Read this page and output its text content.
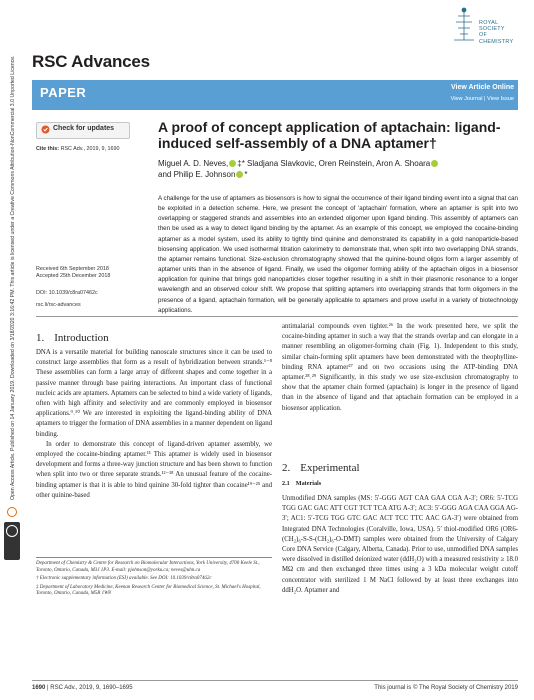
Open Access Article. Published on 14 January 2019. Downloaded on 3/18/2020 3:16:42 PM. This article is licensed under a Creative Commons Attribution-NonCommercial 3.0 Unported Licence. RSC Advances
ROYAL SOCIETY
OF CHEMISTRY
PAPER	View Article Online
View Journal | View Issue
Check for updates
Cite this: RSC Adv., 2019, 9, 1690
A proof of concept application of aptachain: ligand-induced self-assembly of a DNA aptamer†
Miguel A. D. Neves, ‡* Sladjana Slavkovic, Oren Reinstein, Aron A. Shoara
and Philip E. Johnson *
A challenge for the use of aptamers as biosensors is how to signal the occurrence of their ligand binding event into a signal that can be exploited in a detection scheme. Here, we present the concept of 'aptachain' formation, where an aptamer is split into two overlapping or staggered strands and assembles into an extended oligomer upon ligand binding. This assembly of aptamers can then be used as a way to detect ligand binding by the aptamer. As an example of this concept, we employed the cocaine-binding aptamer as a model system, used its ability to tightly bind quinine and demonstrated its capability in a gold nanoparticle-based biosensing application. We used isothermal titration calorimetry to demonstrate that, when split into two overlapping DNA strands, the aptamer remains functional. Size-exclusion chromatography showed that the quinine-bound oligos form a larger assembly of aptamer units than in the absence of ligand. Finally, we used the oligomer forming ability of the aptachain oligos in a biosensor application for quinine that brings gold nanoparticles closer together resulting in a shift in their plasmonic resonance to a longer wavelength and an observed colour shift. We propose that splitting aptamers into overlapping strands that form oligomers in the presence of a ligand, aptachain formation, will be generally applicable to aptamers and prove useful in a variety of biotechnology applications.
Received 6th September 2018
Accepted 25th December 2018
DOI: 10.1039/c8ra07462c
rsc.li/rsc-advances
1. Introduction

DNA is a versatile material for building nanoscale structures since it can be used to construct large assemblies that form as a result of hybridization between strands.¹⁻⁸ These assemblies can form a large array of different shapes and come together in a passive manner through base pairing interactions. An important class of functional nucleic acids are aptamers. Aptamers can be selected to bind a wide variety of ligands, often with high affinity and selectivity and are commonly employed in biosensor applications.⁹˒¹⁰ We are interested in exploiting the ligand-binding ability of DNA aptamers to trigger the formation of DNA assemblies in a manner dependent on ligand binding.

In order to demonstrate this concept of ligand-driven aptamer assembly, we employed the cocaine-binding aptamer.¹¹ This aptamer is widely used in biosensor development and forms a three-way junction structure and has been shown to function when split into two or three separate strands.¹²⁻¹⁸ An unusual feature of the cocaine-binding aptamer is that it is able to bind quinine 30-fold tighter than cocaine¹⁹⁻²⁵ and other quinine-based

Department of Chemistry & Centre for Research on Biomolecular Interactions, York University, 4700 Keele St., Toronto, Ontario, Canada, M3J 1P3. E-mail: pjohnson@yorku.ca; neves@uhn.ca

† Electronic supplementary information (ESI) available. See DOI: 10.1039/c8ra07462c

‡ Department of Laboratory Medicine, Keenan Research Center for Biomedical Science, St. Michael's Hospital, Toronto, Ontario, Canada, M5B 1W8

antimalarial compounds even tighter.²⁶ In the work presented here, we split the cocaine-binding aptamer in such a way that the strands overlap and can elongate in a manner resembling an oligomer-forming chain (Fig. 1). Independent to this study, similar chain-forming split aptamers have been demonstrated with the theophylline-binding RNA aptamer²⁷ and on two occasions using the ATP-binding DNA aptamer.²⁸˒²⁹ Significantly, in this study we use size-exclusion chromatography to show that the aptamer chain formed (aptachain) is longer in the presence of ligand than in the absence of ligand and that aptachain formation can be employed in a biosensor application.

2. Experimental
2.1 Materials

Unmodified DNA samples (MS: 5′-GGG AGT CAA GAA CGA A-3′; OR6: 5′-TCG TGG GAC GAC ATT CGT TCT TCA ATG A-3′; AC3: 5′-GGG AGA CAA GGA AG-3′; AC1: 5′-TCG TGG GTC GAC ACT TCC TTC AAC GA-3′) were obtained from Integrated DNA Technologies (Coralville, Iowa, USA). 5′ thiol-modified OR6 (OR6-(CH₂)₆-S-S-(CH₂)₆-O-DMT) samples were obtained from the University of Calgary Core DNA Service (Calgary, Alberta, Canada). Prior to use, unmodified DNA samples were dissolved in distilled deionized water (ddH₂O) with a measured resistivity ≥ 18.0 MΩ cm and then exchanged three times using a 3 kDa molecular weight cutoff concentrator with sterilized 1 M NaCl followed by at least three exchanges into ddH₂O. Aptamer and

1690 | RSC Adv., 2019, 9, 1690–1695	This journal is © The Royal Society of Chemistry 2019
